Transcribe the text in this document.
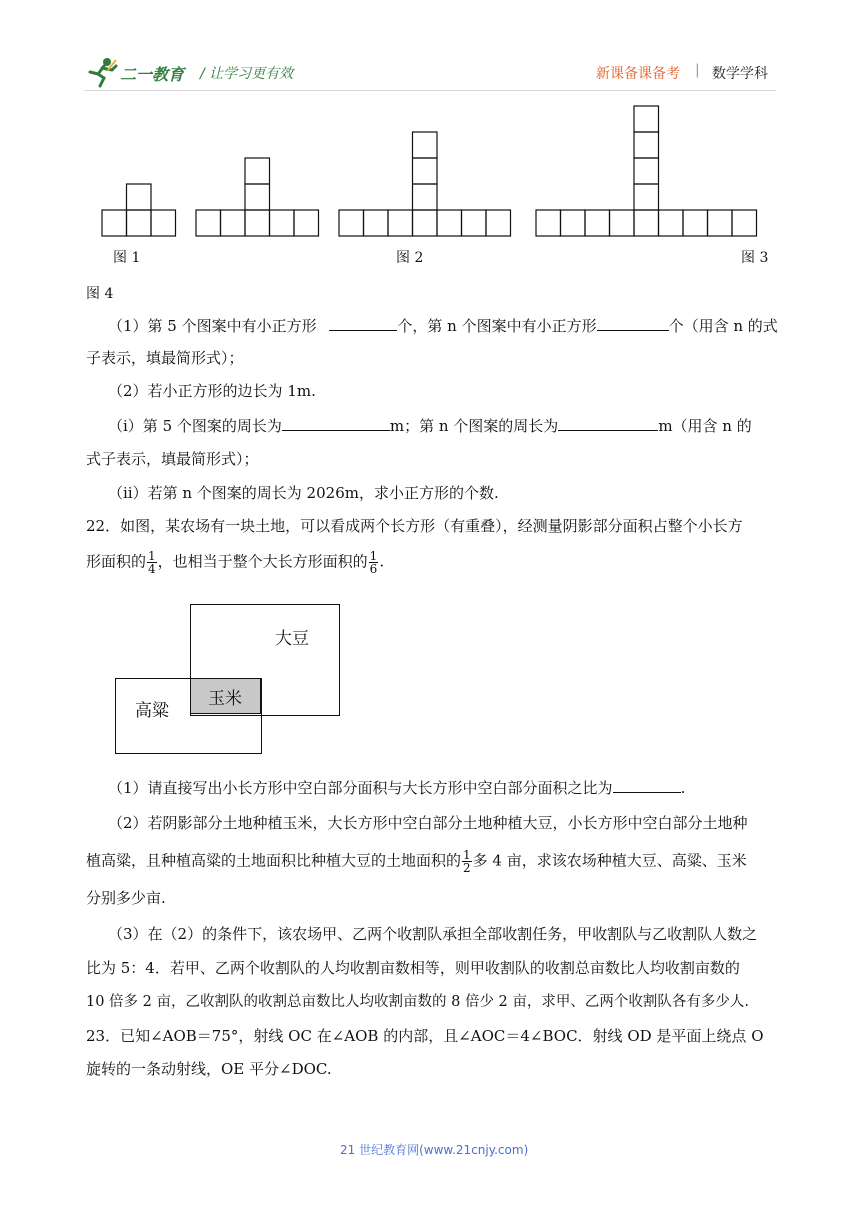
二一教育 / 让学习更有效	新课备课备考 | 数学学科
图 1	图 2	图 3
图 4
（1）第 5 个图案中有小正方形	个，第 n 个图案中有小正方形	个（用含 n 的式
子表示，填最简形式）；
（2）若小正方形的边长为 1m.
（ⅰ）第 5 个图案的周长为	m；第 n 个图案的周长为	m（用含 n 的
式子表示，填最简形式）；
（ⅱ）若第 n 个图案的周长为 2026m，求小正方形的个数.
22．如图，某农场有一块土地，可以看成两个长方形（有重叠），经测量阴影部分面积占整个小长方
形面积的 $\frac{1}{4}$ ，也相当于整个大长方形面积的 $\frac{1}{6}$ .
大豆
高粱
玉米
（1）请直接写出小长方形中空白部分面积与大长方形中空白部分面积之比为	.
（2）若阴影部分土地种植玉米，大长方形中空白部分土地种植大豆，小长方形中空白部分土地种
植高粱，且种植高粱的土地面积比种植大豆的土地面积的 $\frac{1}{2}$ 多 4 亩，求该农场种植大豆、高粱、玉米
分别多少亩.
（3）在（2）的条件下，该农场甲、乙两个收割队承担全部收割任务，甲收割队与乙收割队人数之
比为 5：4．若甲、乙两个收割队的人均收割亩数相等，则甲收割队的收割总亩数比人均收割亩数的
10 倍多 2 亩，乙收割队的收割总亩数比人均收割亩数的 8 倍少 2 亩，求甲、乙两个收割队各有多少人.
23．已知∠AOB＝75°，射线 OC 在∠AOB 的内部，且∠AOC＝4∠BOC．射线 OD 是平面上绕点 O
旋转的一条动射线，OE 平分∠DOC.
21 世纪教育网(www.21cnjy.com)
